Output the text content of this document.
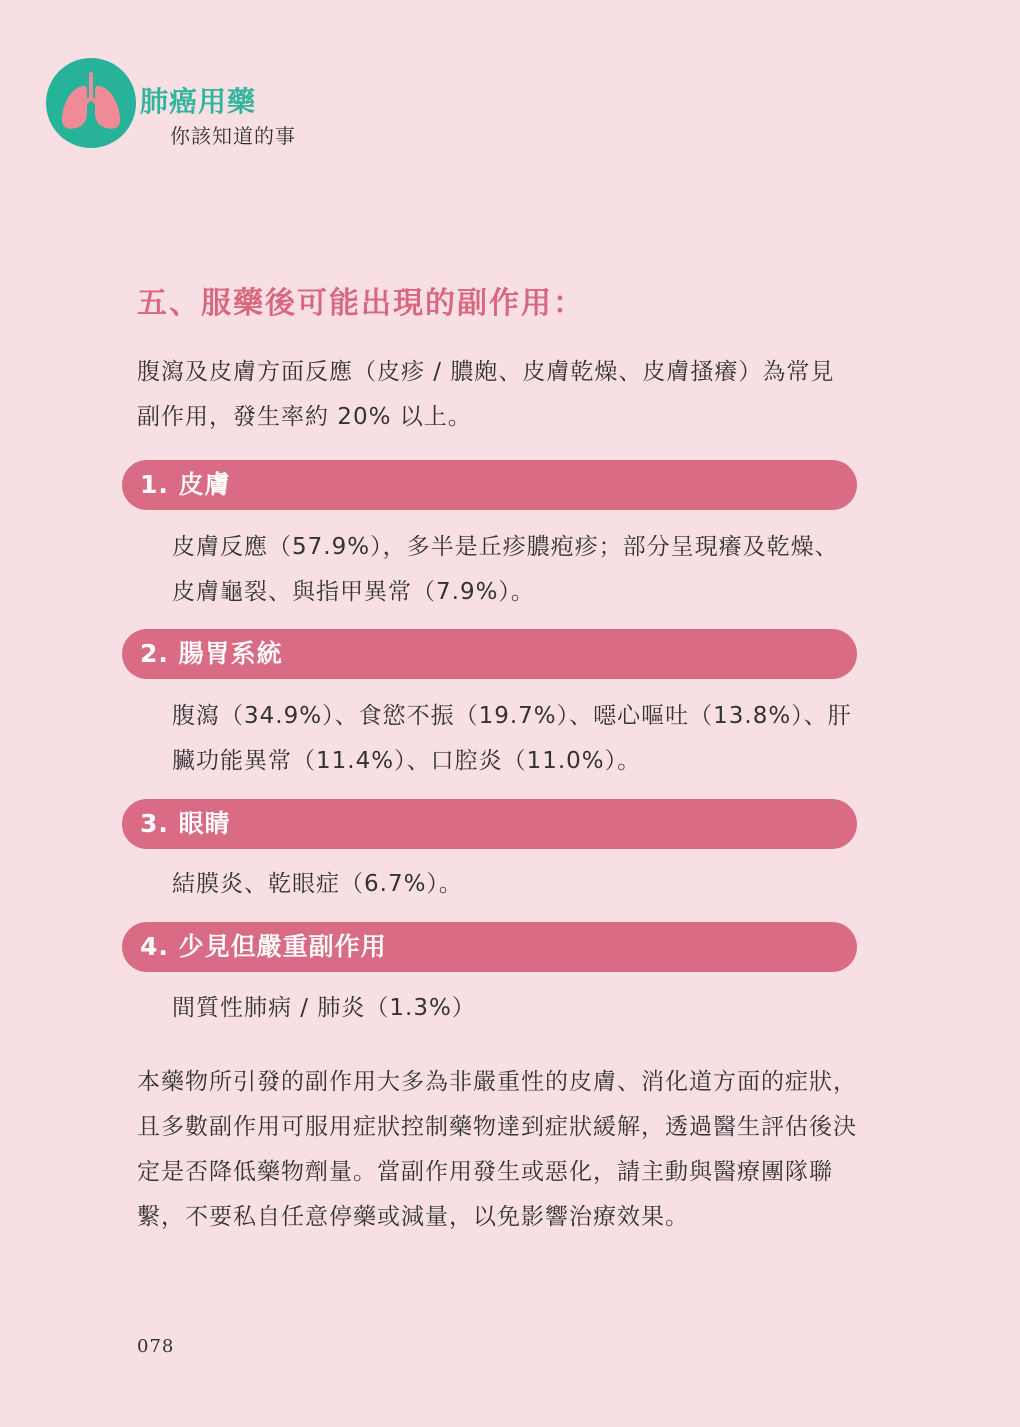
肺癌用藥
你該知道的事
五、服藥後可能出現的副作用：
腹瀉及皮膚方面反應（皮疹 / 膿皰、皮膚乾燥、皮膚搔癢）為常見副作用，發生率約 20% 以上。
1. 皮膚
皮膚反應（57.9%），多半是丘疹膿疱疹；部分呈現癢及乾燥、皮膚龜裂、與指甲異常（7.9%）。
2. 腸胃系統
腹瀉（34.9%）、食慾不振（19.7%）、噁心嘔吐（13.8%）、肝臟功能異常（11.4%）、口腔炎（11.0%）。
3. 眼睛
結膜炎、乾眼症（6.7%）。
4. 少見但嚴重副作用
間質性肺病 / 肺炎（1.3%）
本藥物所引發的副作用大多為非嚴重性的皮膚、消化道方面的症狀，且多數副作用可服用症狀控制藥物達到症狀緩解，透過醫生評估後決定是否降低藥物劑量。當副作用發生或惡化，請主動與醫療團隊聯繫，不要私自任意停藥或減量，以免影響治療效果。
078
